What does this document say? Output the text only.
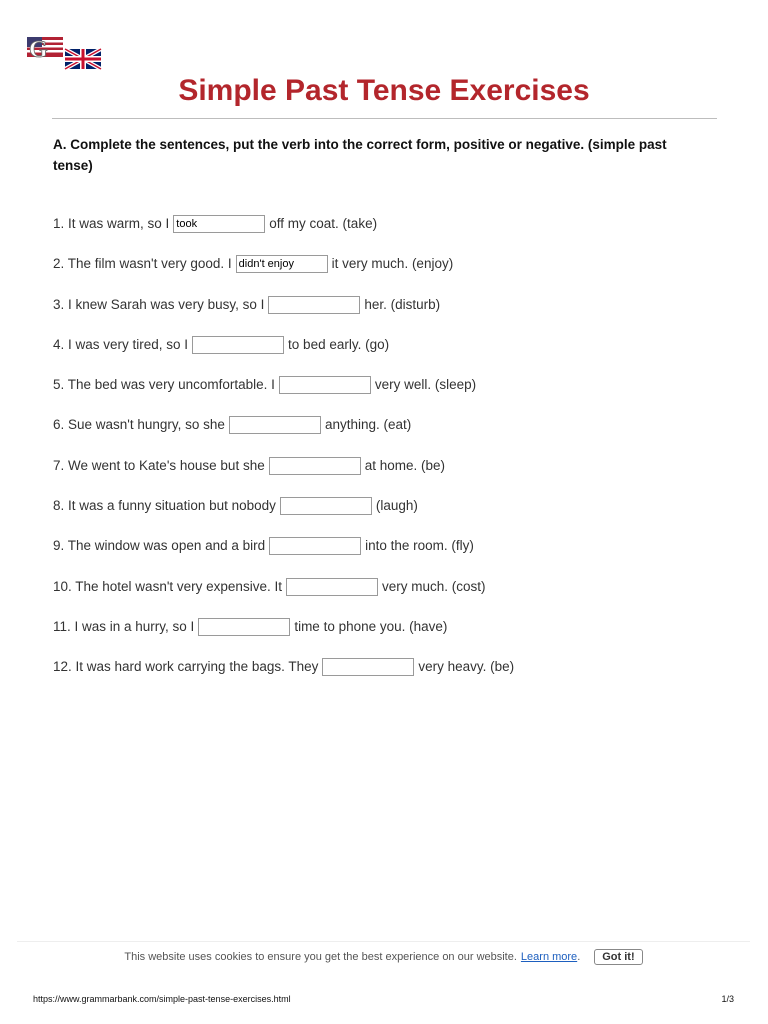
G
Simple Past Tense Exercises
A. Complete the sentences, put the verb into the correct form, positive or negative. (simple past tense)
1. It was warm, so I
took	off my coat. (take)
2. The film wasn't very good. I
didn't enjoy	it very much. (enjoy)
3. I knew Sarah was very busy, so I	her. (disturb)
4. I was very tired, so I	to bed early. (go)
5. The bed was very uncomfortable. I	very well. (sleep)
6. Sue wasn't hungry, so she	anything. (eat)
7. We went to Kate's house but she	at home. (be)
8. It was a funny situation but nobody	(laugh)
9. The window was open and a bird	into the room. (fly)
10. The hotel wasn't very expensive. It	very much. (cost)
11. I was in a hurry, so I	time to phone you. (have)
12. It was hard work carrying the bags. They	very heavy. (be)
This website uses cookies to ensure you get the best experience on our website. Learn more .	Got it!
https://www.grammarbank.com/simple-past-tense-exercises.html	1/3
